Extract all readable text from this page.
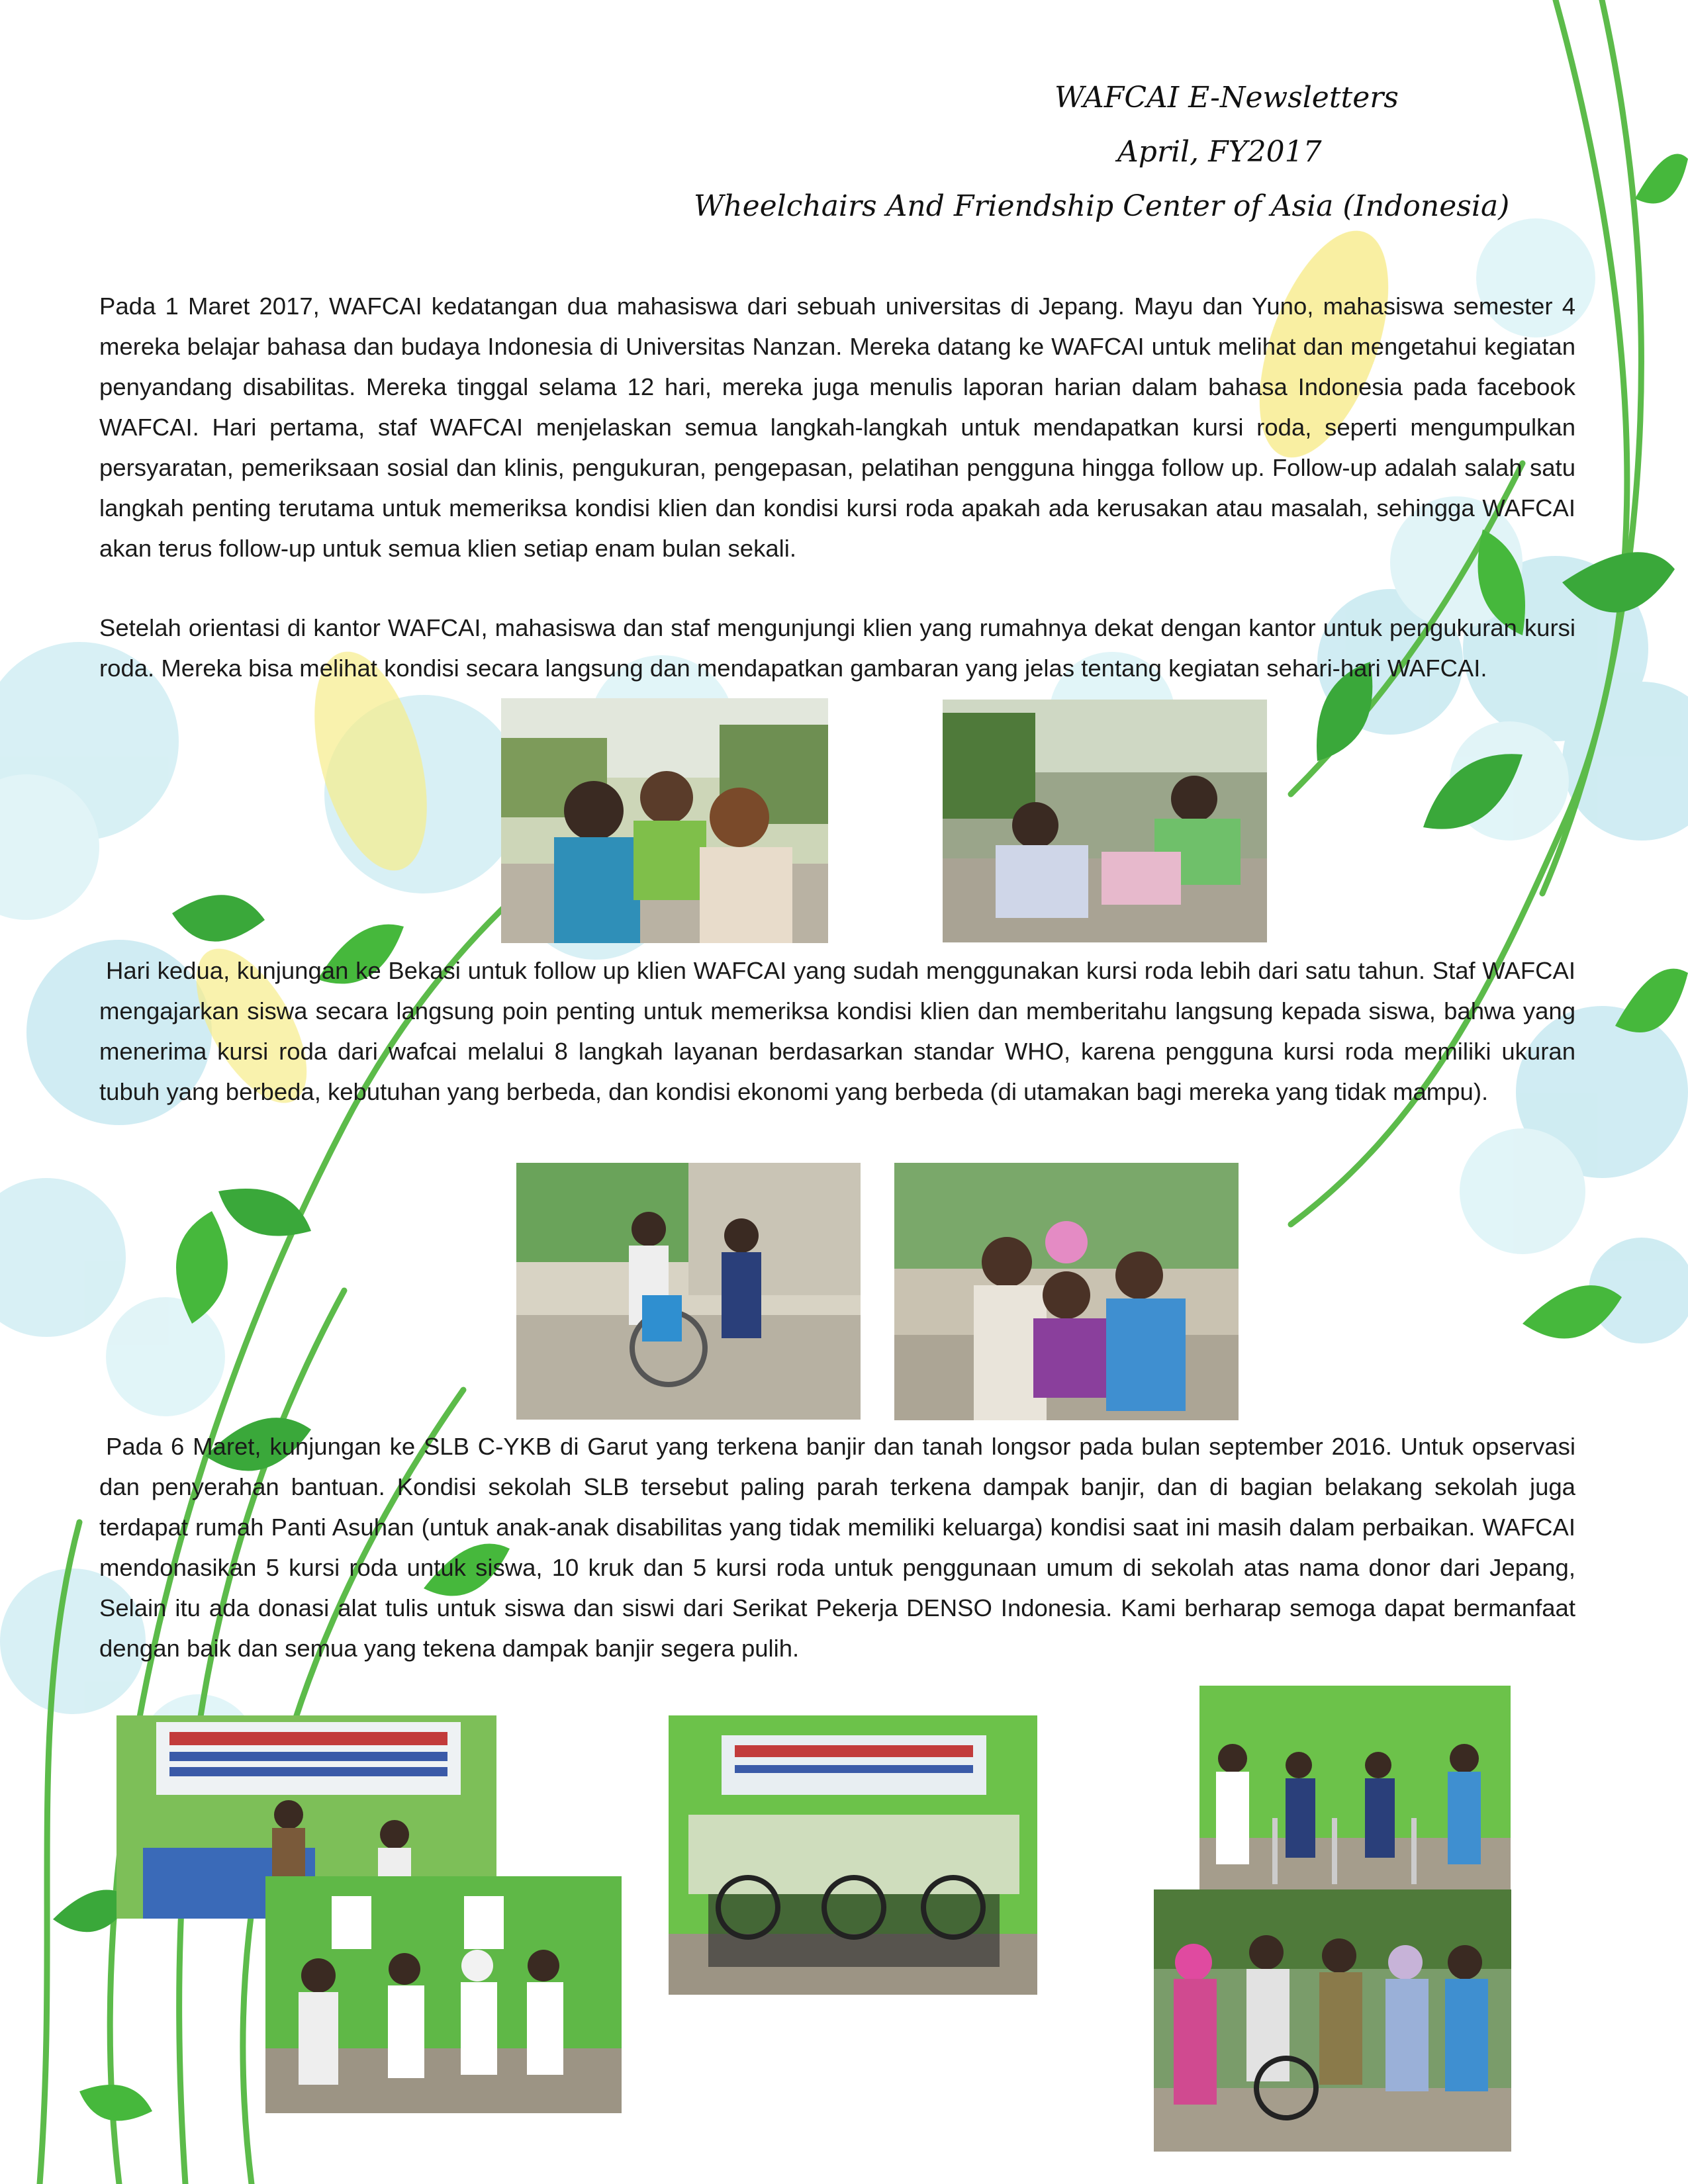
WAFCAI E-Newsletters
April, FY2017
Wheelchairs And Friendship Center of Asia (Indonesia)

Pada 1 Maret 2017, WAFCAI kedatangan dua mahasiswa dari sebuah universitas di Jepang. Mayu dan Yuno, mahasiswa semester 4 mereka belajar bahasa dan budaya Indonesia di Universitas Nanzan. Mereka datang ke WAFCAI untuk melihat dan mengetahui kegiatan penyandang disabilitas. Mereka tinggal selama 12 hari, mereka juga menulis laporan harian dalam bahasa Indonesia pada facebook WAFCAI. Hari pertama, staf WAFCAI menjelaskan semua langkah-langkah untuk mendapatkan kursi roda, seperti mengumpulkan persyaratan, pemeriksaan sosial dan klinis, pengukuran, pengepasan, pelatihan pengguna hingga follow up. Follow-up adalah salah satu langkah penting terutama untuk memeriksa kondisi klien dan kondisi kursi roda apakah ada kerusakan atau masalah, sehingga WAFCAI akan terus follow-up untuk semua klien setiap enam bulan sekali.

Setelah orientasi di kantor WAFCAI, mahasiswa dan staf mengunjungi klien yang rumahnya dekat dengan kantor untuk pengukuran kursi roda. Mereka bisa melihat kondisi secara langsung dan mendapatkan gambaran yang jelas tentang kegiatan sehari-hari WAFCAI.

Hari kedua, kunjungan ke Bekasi untuk follow up klien WAFCAI yang sudah menggunakan kursi roda lebih dari satu tahun. Staf WAFCAI mengajarkan siswa secara langsung poin penting untuk memeriksa kondisi klien dan memberitahu langsung kepada siswa, bahwa yang menerima kursi roda dari wafcai melalui 8 langkah layanan berdasarkan standar WHO, karena pengguna kursi roda memiliki ukuran tubuh yang berbeda, kebutuhan yang berbeda, dan kondisi ekonomi yang berbeda (di utamakan bagi mereka yang tidak mampu).

Pada 6 Maret, kunjungan ke SLB C-YKB di Garut yang terkena banjir dan tanah longsor pada bulan september 2016. Untuk opservasi dan penyerahan bantuan. Kondisi sekolah SLB tersebut paling parah terkena dampak banjir, dan di bagian belakang sekolah juga terdapat rumah Panti Asuhan (untuk anak-anak disabilitas yang tidak memiliki keluarga) kondisi saat ini masih dalam perbaikan. WAFCAI mendonasikan 5 kursi roda untuk siswa, 10 kruk dan 5 kursi roda untuk penggunaan umum di sekolah atas nama donor dari Jepang, Selain itu ada donasi alat tulis untuk siswa dan siswi dari Serikat Pekerja DENSO Indonesia. Kami berharap semoga dapat bermanfaat dengan baik dan semua yang tekena dampak banjir segera pulih.
